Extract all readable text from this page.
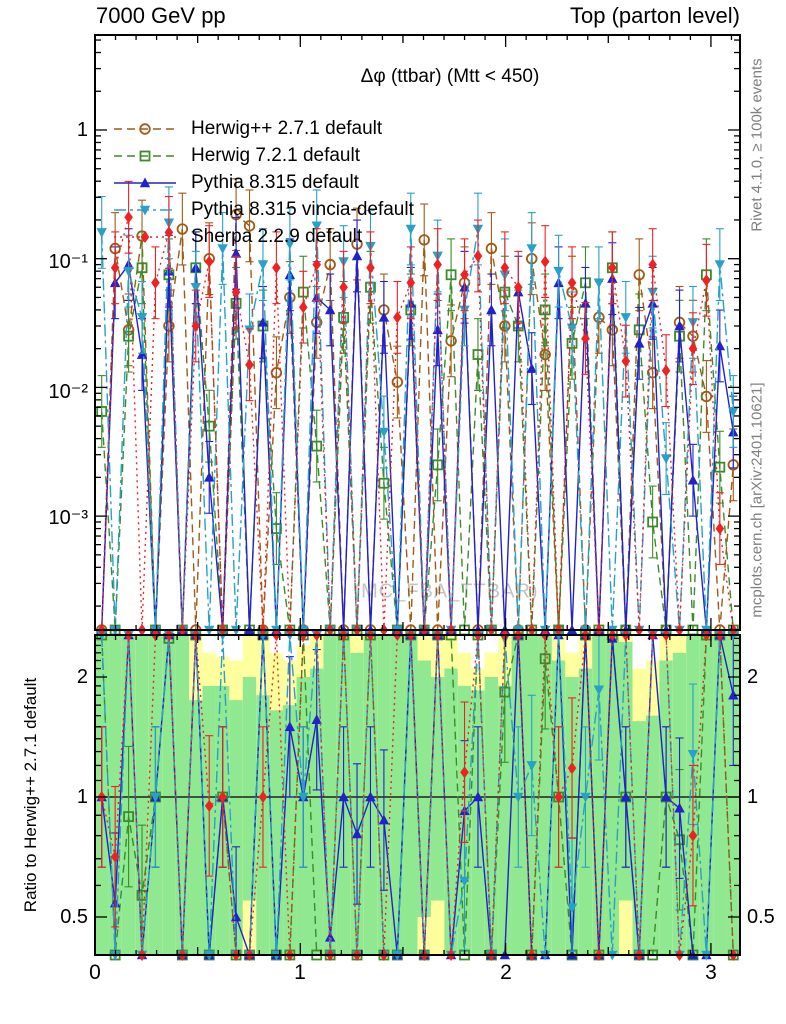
7000 GeV pp	Top (parton level)
(MC_FBA_TTBAR)
Δφ (ttbar) (Mtt < 450)
Herwig++ 2.7.1 default
Herwig 7.2.1 default
Pythia 8.315 default
Pythia 8.315 vincia-default
Sherpa 2.2.9 default
1
10⁻¹
10⁻²
10⁻³
2
1
0.5
2
1
0.5
0	1	2	3
Ratio to Herwig++ 2.7.1 default
Rivet 4.1.0, ≥ 100k events
mcplots.cern.ch [arXiv:2401.10621]
